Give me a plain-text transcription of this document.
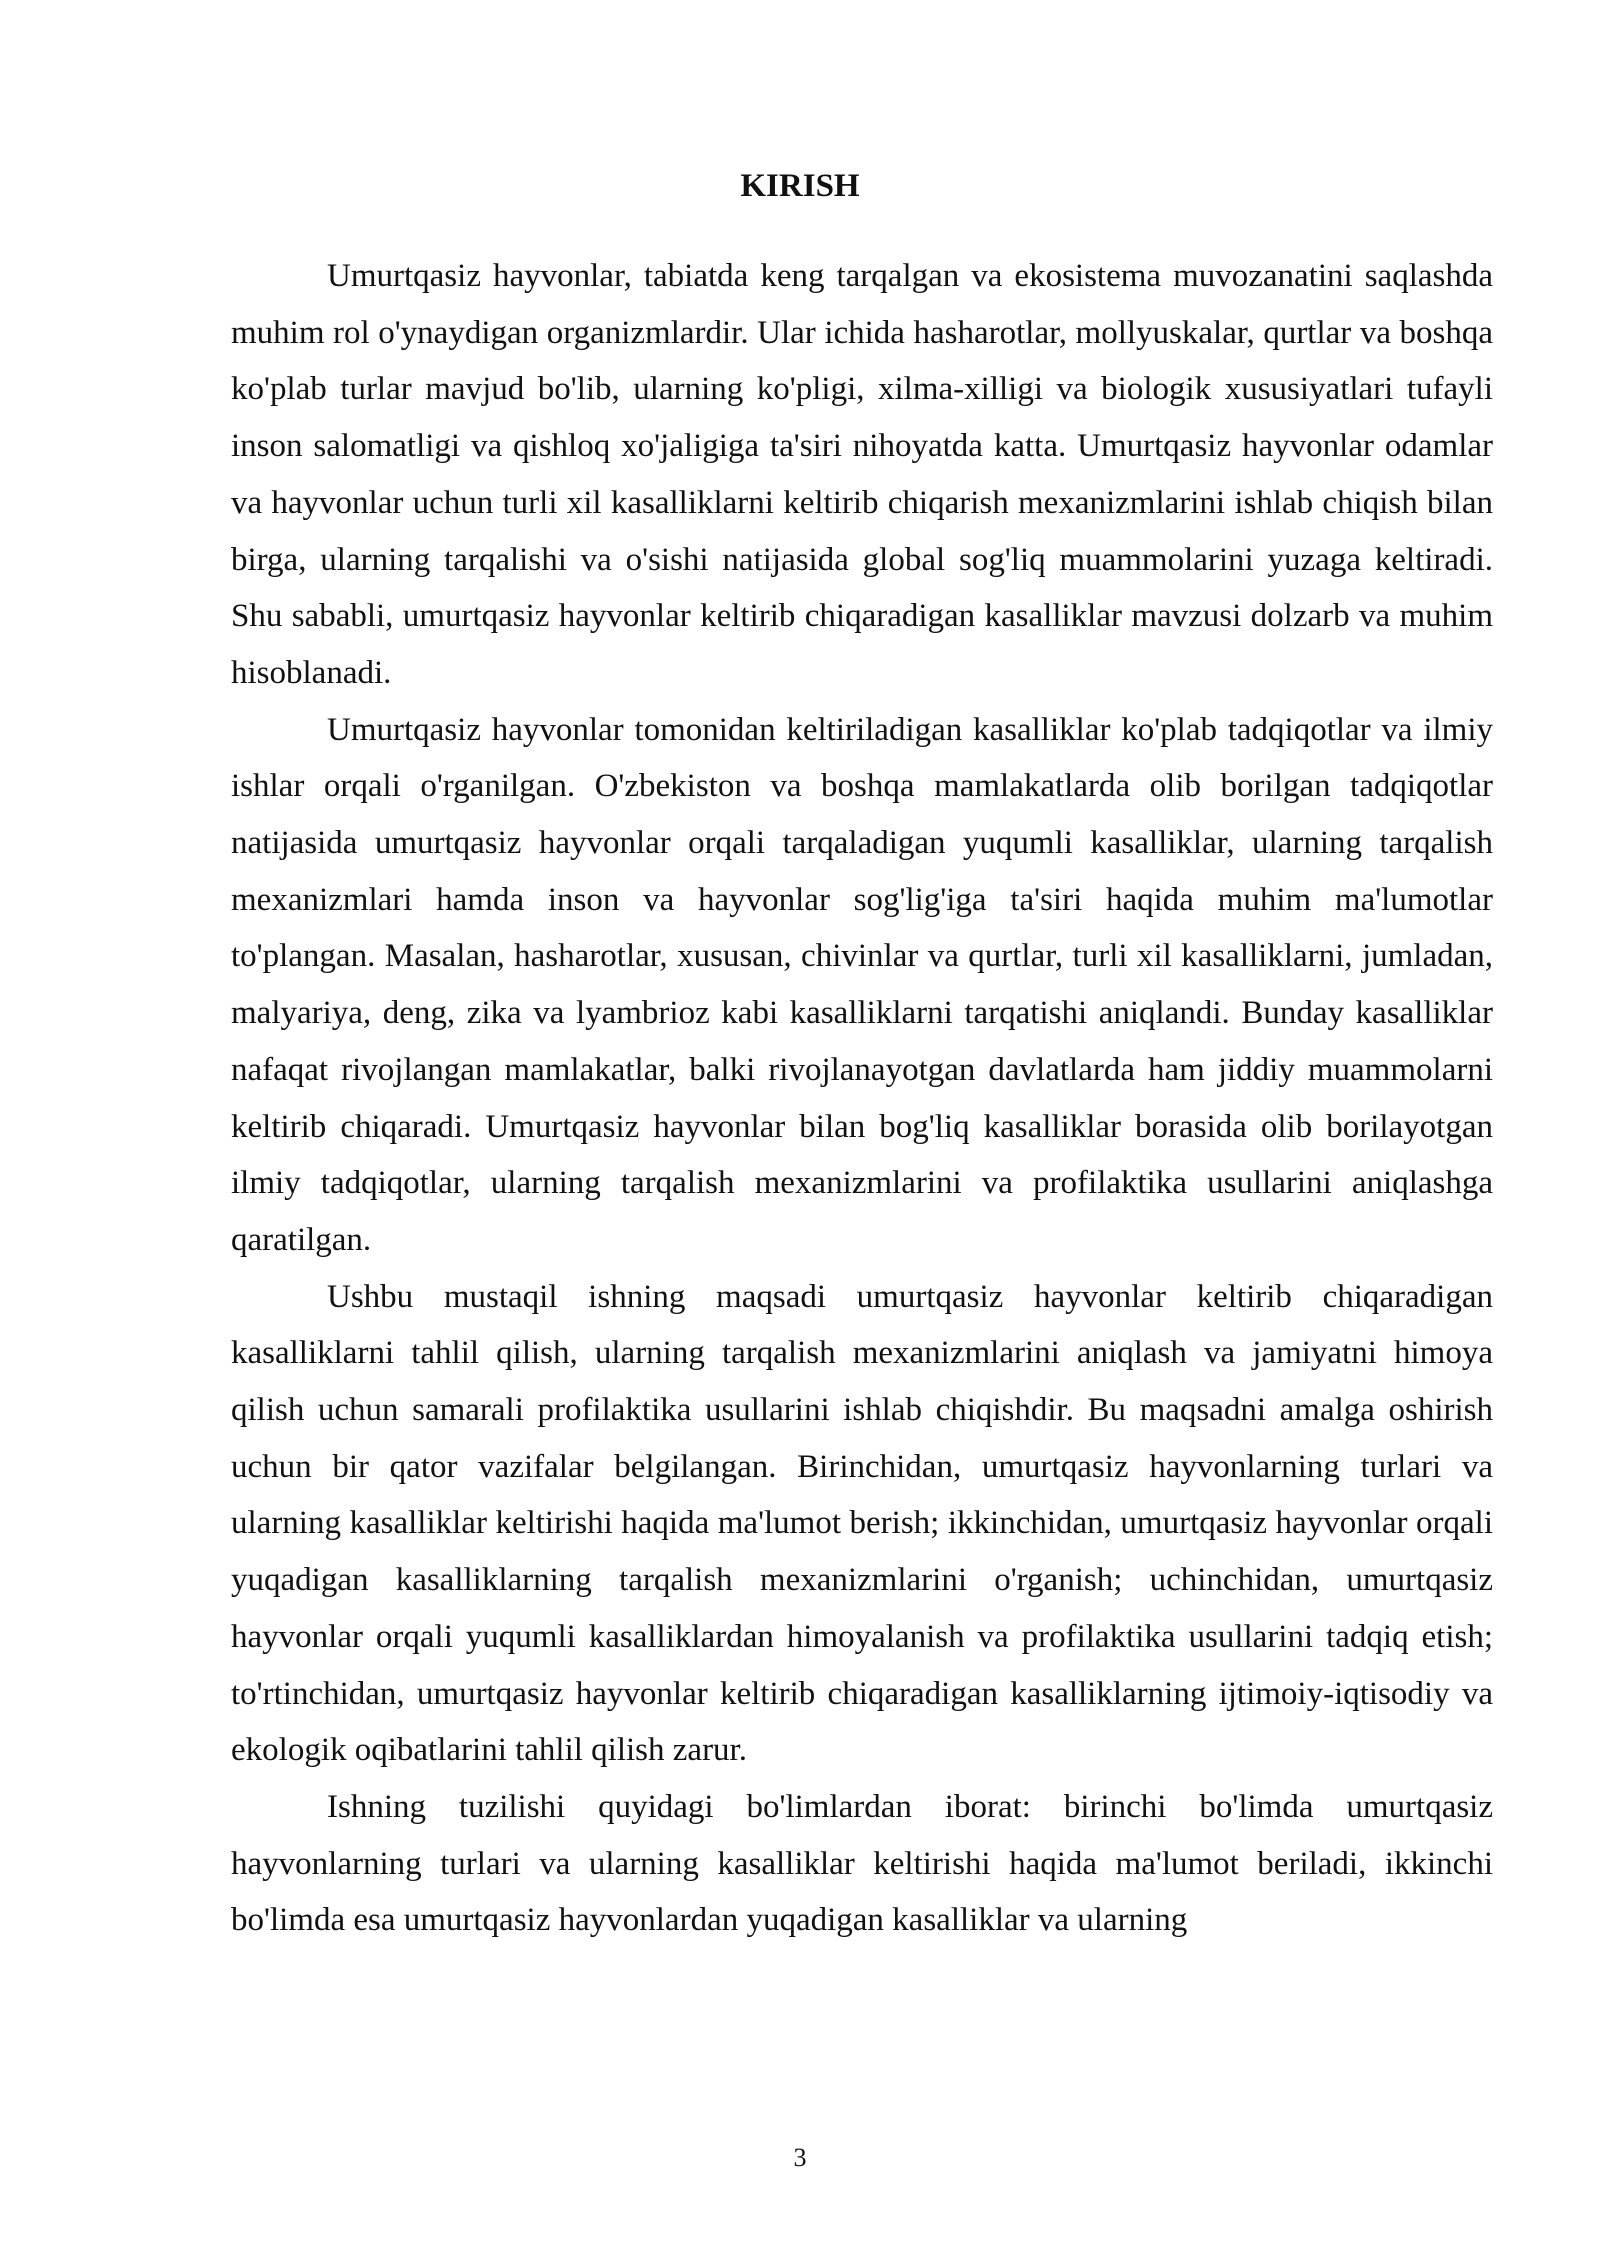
KIRISH

Umurtqasiz hayvonlar, tabiatda keng tarqalgan va ekosistema muvozanatini saqlashda muhim rol o'ynaydigan organizmlardir. Ular ichida hasharotlar, mollyuskalar, qurtlar va boshqa ko'plab turlar mavjud bo'lib, ularning ko'pligi, xilma-xilligi va biologik xususiyatlari tufayli inson salomatligi va qishloq xo'jaligiga ta'siri nihoyatda katta. Umurtqasiz hayvonlar odamlar va hayvonlar uchun turli xil kasalliklarni keltirib chiqarish mexanizmlarini ishlab chiqish bilan birga, ularning tarqalishi va o'sishi natijasida global sog'liq muammolarini yuzaga keltiradi. Shu sababli, umurtqasiz hayvonlar keltirib chiqaradigan kasalliklar mavzusi dolzarb va muhim hisoblanadi.

Umurtqasiz hayvonlar tomonidan keltiriladigan kasalliklar ko'plab tadqiqotlar va ilmiy ishlar orqali o'rganilgan. O'zbekiston va boshqa mamlakatlarda olib borilgan tadqiqotlar natijasida umurtqasiz hayvonlar orqali tarqaladigan yuqumli kasalliklar, ularning tarqalish mexanizmlari hamda inson va hayvonlar sog'lig'iga ta'siri haqida muhim ma'lumotlar to'plangan. Masalan, hasharotlar, xususan, chivinlar va qurtlar, turli xil kasalliklarni, jumladan, malyariya, deng, zika va lyambrioz kabi kasalliklarni tarqatishi aniqlandi. Bunday kasalliklar nafaqat rivojlangan mamlakatlar, balki rivojlanayotgan davlatlarda ham jiddiy muammolarni keltirib chiqaradi. Umurtqasiz hayvonlar bilan bog'liq kasalliklar borasida olib borilayotgan ilmiy tadqiqotlar, ularning tarqalish mexanizmlarini va profilaktika usullarini aniqlashga qaratilgan.

Ushbu mustaqil ishning maqsadi umurtqasiz hayvonlar keltirib chiqaradigan kasalliklarni tahlil qilish, ularning tarqalish mexanizmlarini aniqlash va jamiyatni himoya qilish uchun samarali profilaktika usullarini ishlab chiqishdir. Bu maqsadni amalga oshirish uchun bir qator vazifalar belgilangan. Birinchidan, umurtqasiz hayvonlarning turlari va ularning kasalliklar keltirishi haqida ma'lumot berish; ikkinchidan, umurtqasiz hayvonlar orqali yuqadigan kasalliklarning tarqalish mexanizmlarini o'rganish; uchinchidan, umurtqasiz hayvonlar orqali yuqumli kasalliklardan himoyalanish va profilaktika usullarini tadqiq etish; to'rtinchidan, umurtqasiz hayvonlar keltirib chiqaradigan kasalliklarning ijtimoiy-iqtisodiy va ekologik oqibatlarini tahlil qilish zarur.

Ishning tuzilishi quyidagi bo'limlardan iborat: birinchi bo'limda umurtqasiz hayvonlarning turlari va ularning kasalliklar keltirishi haqida ma'lumot beriladi, ikkinchi bo'limda esa umurtqasiz hayvonlardan yuqadigan kasalliklar va ularning

3
